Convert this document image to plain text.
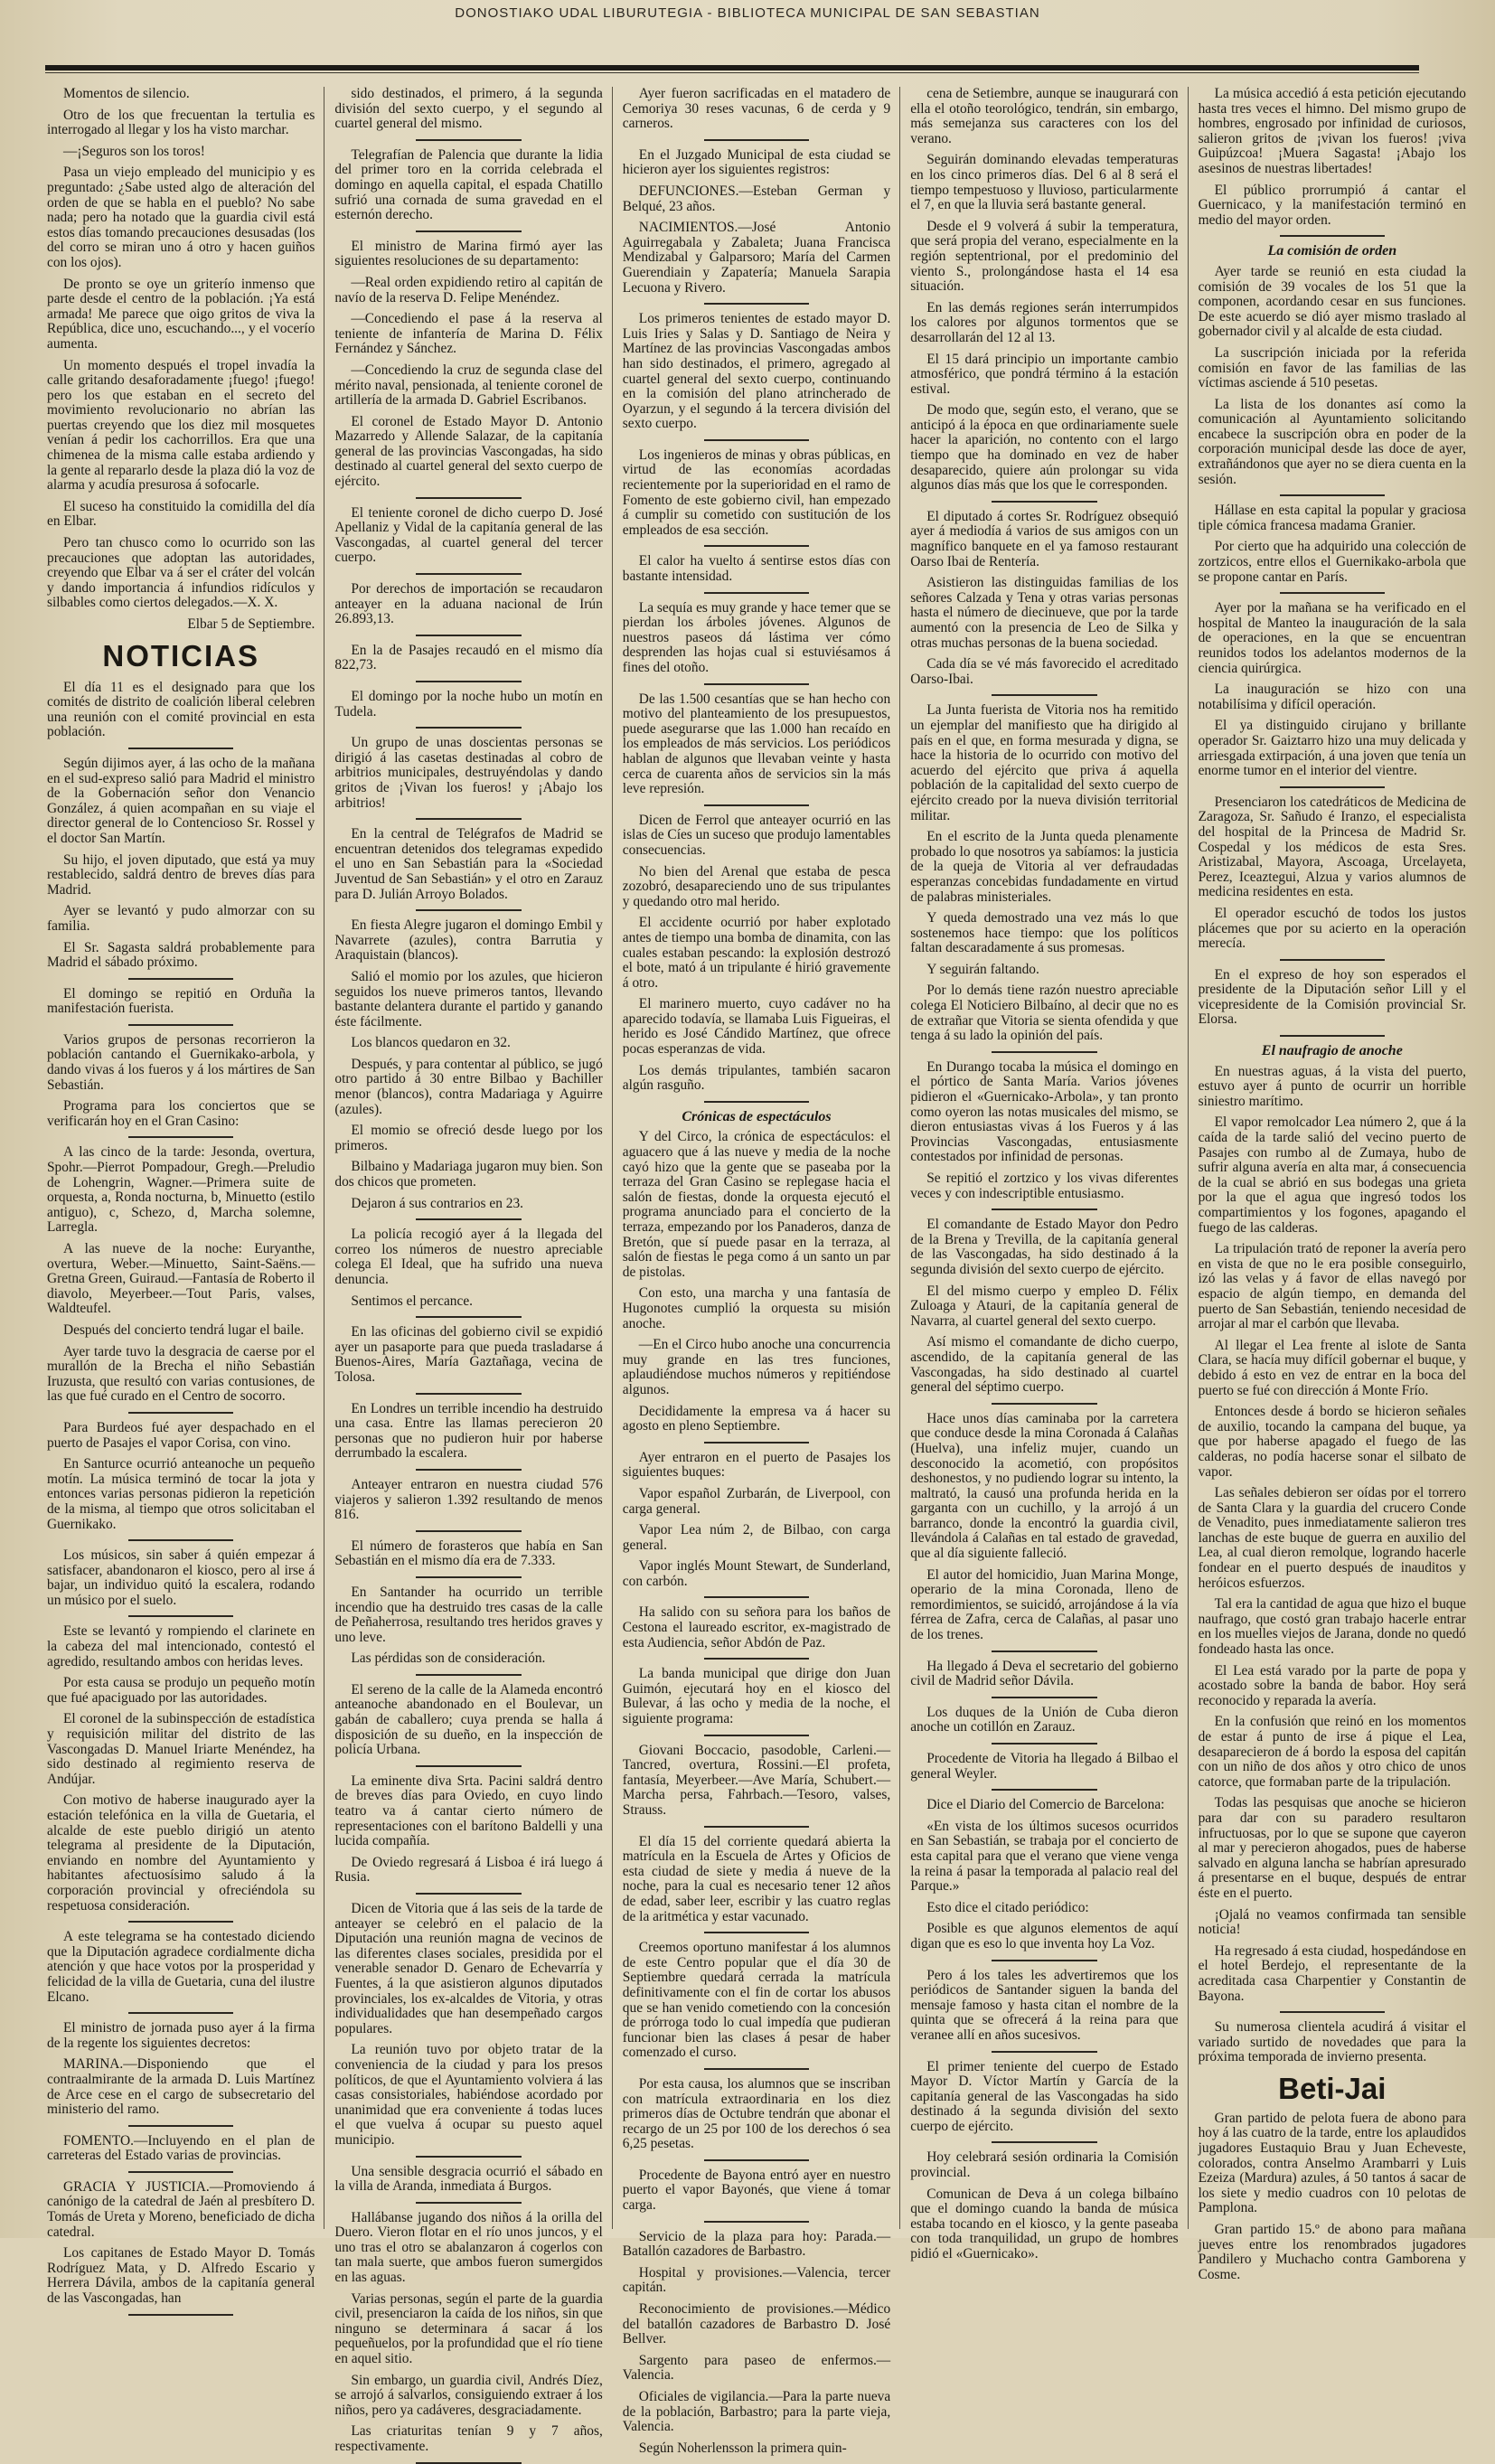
DONOSTIAKO UDAL LIBURUTEGIA - BIBLIOTECA MUNICIPAL DE SAN SEBASTIAN

Momentos de silencio.

Otro de los que frecuentan la tertulia es interrogado al llegar y los ha visto marchar.

—¡Seguros son los toros!

Pasa un viejo empleado del municipio y es preguntado: ¿Sabe usted algo de alteración del orden de que se habla en el pueblo? No sabe nada; pero ha notado que la guardia civil está estos días tomando precauciones desusadas (los del corro se miran uno á otro y hacen guiños con los ojos).

De pronto se oye un griterío inmenso que parte desde el centro de la población. ¡Ya está armada! Me parece que oigo gritos de viva la República, dice uno, escuchando..., y el vocerío aumenta.

Un momento después el tropel invadía la calle gritando desaforadamente ¡fuego! ¡fuego! pero los que estaban en el secreto del movimiento revolucionario no abrían las puertas creyendo que los diez mil mosquetes venían á pedir los cachorrillos. Era que una chimenea de la misma calle estaba ardiendo y la gente al repararlo desde la plaza dió la voz de alarma y acudía presurosa á sofocarle.

El suceso ha constituido la comidilla del día en Elbar.

Pero tan chusco como lo ocurrido son las precauciones que adoptan las autoridades, creyendo que Elbar va á ser el cráter del volcán y dando importancia á infundios ridículos y silbables como ciertos delegados.—X. X.

Elbar 5 de Septiembre.

NOTICIAS

El día 11 es el designado para que los comités de distrito de coalición liberal celebren una reunión con el comité provincial en esta población.

Según dijimos ayer, á las ocho de la mañana en el sud-expreso salió para Madrid el ministro de la Gobernación señor don Venancio González, á quien acompañan en su viaje el director general de lo Contencioso Sr. Rossel y el doctor San Martín.

Su hijo, el joven diputado, que está ya muy restablecido, saldrá dentro de breves días para Madrid.

Ayer se levantó y pudo almorzar con su familia.

El Sr. Sagasta saldrá probablemente para Madrid el sábado próximo.

El domingo se repitió en Orduña la manifestación fuerista.

Varios grupos de personas recorrieron la población cantando el Guernikako-arbola, y dando vivas á los fueros y á los mártires de San Sebastián.

Programa para los conciertos que se verificarán hoy en el Gran Casino:

A las cinco de la tarde: Jesonda, overtura, Spohr.—Pierrot Pompadour, Gregh.—Preludio de Lohengrin, Wagner.—Primera suite de orquesta, a, Ronda nocturna, b, Minuetto (estilo antiguo), c, Schezo, d, Marcha solemne, Larregla.

A las nueve de la noche: Euryanthe, overtura, Weber.—Minuetto, Saint-Saëns.—Gretna Green, Guiraud.—Fantasía de Roberto il diavolo, Meyerbeer.—Tout Paris, valses, Waldteufel.

Después del concierto tendrá lugar el baile.

Ayer tarde tuvo la desgracia de caerse por el murallón de la Brecha el niño Sebastián Iruzusta, que resultó con varias contusiones, de las que fué curado en el Centro de socorro.

Para Burdeos fué ayer despachado en el puerto de Pasajes el vapor Corisa, con vino.

En Santurce ocurrió anteanoche un pequeño motín. La música terminó de tocar la jota y entonces varias personas pidieron la repetición de la misma, al tiempo que otros solicitaban el Guernikako.

Los músicos, sin saber á quién empezar á satisfacer, abandonaron el kiosco, pero al irse á bajar, un individuo quitó la escalera, rodando un músico por el suelo.

Este se levantó y rompiendo el clarinete en la cabeza del mal intencionado, contestó el agredido, resultando ambos con heridas leves.

Por esta causa se produjo un pequeño motín que fué apaciguado por las autoridades.

El coronel de la subinspección de estadística y requisición militar del distrito de las Vascongadas D. Manuel Iriarte Menéndez, ha sido destinado al regimiento reserva de Andújar.

Con motivo de haberse inaugurado ayer la estación telefónica en la villa de Guetaria, el alcalde de este pueblo dirigió un atento telegrama al presidente de la Diputación, enviando en nombre del Ayuntamiento y habitantes afectuosísimo saludo á la corporación provincial y ofreciéndola su respetuosa consideración.

A este telegrama se ha contestado diciendo que la Diputación agradece cordialmente dicha atención y que hace votos por la prosperidad y felicidad de la villa de Guetaria, cuna del ilustre Elcano.

El ministro de jornada puso ayer á la firma de la regente los siguientes decretos:

MARINA.—Disponiendo que el contraalmirante de la armada D. Luis Martínez de Arce cese en el cargo de subsecretario del ministerio del ramo.

FOMENTO.—Incluyendo en el plan de carreteras del Estado varias de provincias.

GRACIA Y JUSTICIA.—Promoviendo á canónigo de la catedral de Jaén al presbítero D. Tomás de Ureta y Moreno, beneficiado de dicha catedral.

Los capitanes de Estado Mayor D. Tomás Rodríguez Mata, y D. Alfredo Escario y Herrera Dávila, ambos de la capitanía general de las Vascongadas, han

sido destinados, el primero, á la segunda división del sexto cuerpo, y el segundo al cuartel general del mismo.

Telegrafían de Palencia que durante la lidia del primer toro en la corrida celebrada el domingo en aquella capital, el espada Chatillo sufrió una cornada de suma gravedad en el esternón derecho.

El ministro de Marina firmó ayer las siguientes resoluciones de su departamento:

—Real orden expidiendo retiro al capitán de navío de la reserva D. Felipe Menéndez.

—Concediendo el pase á la reserva al teniente de infantería de Marina D. Félix Fernández y Sánchez.

—Concediendo la cruz de segunda clase del mérito naval, pensionada, al teniente coronel de artillería de la armada D. Gabriel Escribanos.

El coronel de Estado Mayor D. Antonio Mazarredo y Allende Salazar, de la capitanía general de las provincias Vascongadas, ha sido destinado al cuartel general del sexto cuerpo de ejército.

El teniente coronel de dicho cuerpo D. José Apellaniz y Vidal de la capitanía general de las Vascongadas, al cuartel general del tercer cuerpo.

Por derechos de importación se recaudaron anteayer en la aduana nacional de Irún 26.893,13.

En la de Pasajes recaudó en el mismo día 822,73.

El domingo por la noche hubo un motín en Tudela.

Un grupo de unas doscientas personas se dirigió á las casetas destinadas al cobro de arbitrios municipales, destruyéndolas y dando gritos de ¡Vivan los fueros! y ¡Abajo los arbitrios!

En la central de Telégrafos de Madrid se encuentran detenidos dos telegramas expedido el uno en San Sebastián para la «Sociedad Juventud de San Sebastián» y el otro en Zarauz para D. Julián Arroyo Bolados.

En fiesta Alegre jugaron el domingo Embil y Navarrete (azules), contra Barrutia y Araquistain (blancos).

Salió el momio por los azules, que hicieron seguidos los nueve primeros tantos, llevando bastante delantera durante el partido y ganando éste fácilmente.

Los blancos quedaron en 32.

Después, y para contentar al público, se jugó otro partido á 30 entre Bilbao y Bachiller menor (blancos), contra Madariaga y Aguirre (azules).

El momio se ofreció desde luego por los primeros.

Bilbaino y Madariaga jugaron muy bien. Son dos chicos que prometen.

Dejaron á sus contrarios en 23.

La policía recogió ayer á la llegada del correo los números de nuestro apreciable colega El Ideal, que ha sufrido una nueva denuncia.

Sentimos el percance.

En las oficinas del gobierno civil se expidió ayer un pasaporte para que pueda trasladarse á Buenos-Aires, María Gaztañaga, vecina de Tolosa.

En Londres un terrible incendio ha destruido una casa. Entre las llamas perecieron 20 personas que no pudieron huir por haberse derrumbado la escalera.

Anteayer entraron en nuestra ciudad 576 viajeros y salieron 1.392 resultando de menos 816.

El número de forasteros que había en San Sebastián en el mismo día era de 7.333.

En Santander ha ocurrido un terrible incendio que ha destruido tres casas de la calle de Peñaherrosa, resultando tres heridos graves y uno leve.

Las pérdidas son de consideración.

El sereno de la calle de la Alameda encontró anteanoche abandonado en el Boulevar, un gabán de caballero; cuya prenda se halla á disposición de su dueño, en la inspección de policía Urbana.

La eminente diva Srta. Pacini saldrá dentro de breves días para Oviedo, en cuyo lindo teatro va á cantar cierto número de representaciones con el barítono Baldelli y una lucida compañía.

De Oviedo regresará á Lisboa é irá luego á Rusia.

Dicen de Vitoria que á las seis de la tarde de anteayer se celebró en el palacio de la Diputación una reunión magna de vecinos de las diferentes clases sociales, presidida por el venerable senador D. Genaro de Echevarría y Fuentes, á la que asistieron algunos diputados provinciales, los ex-alcaldes de Vitoria, y otras individualidades que han desempeñado cargos populares.

La reunión tuvo por objeto tratar de la conveniencia de la ciudad y para los presos políticos, de que el Ayuntamiento volviera á las casas consistoriales, habiéndose acordado por unanimidad que era conveniente á todas luces el que vuelva á ocupar su puesto aquel municipio.

Una sensible desgracia ocurrió el sábado en la villa de Aranda, inmediata á Burgos.

Hallábanse jugando dos niños á la orilla del Duero. Vieron flotar en el río unos juncos, y el uno tras el otro se abalanzaron á cogerlos con tan mala suerte, que ambos fueron sumergidos en las aguas.

Varias personas, según el parte de la guardia civil, presenciaron la caída de los niños, sin que ninguno se determinara á sacar á los pequeñuelos, por la profundidad que el río tiene en aquel sitio.

Sin embargo, un guardia civil, Andrés Díez, se arrojó á salvarlos, consiguiendo extraer á los niños, pero ya cadáveres, desgraciadamente.

Las criaturitas tenían 9 y 7 años, respectivamente.

Ayer fueron sacrificadas en el matadero de Cemoriya 30 reses vacunas, 6 de cerda y 9 carneros.

En el Juzgado Municipal de esta ciudad se hicieron ayer los siguientes registros:

DEFUNCIONES.—Esteban German y Belqué, 23 años.

NACIMIENTOS.—José Antonio Aguirregabala y Zabaleta; Juana Francisca Mendizabal y Galparsoro; María del Carmen Guerendiain y Zapatería; Manuela Sarapia Lecuona y Rivero.

Los primeros tenientes de estado mayor D. Luis Iries y Salas y D. Santiago de Neira y Martínez de las provincias Vascongadas ambos han sido destinados, el primero, agregado al cuartel general del sexto cuerpo, continuando en la comisión del plano atrincherado de Oyarzun, y el segundo á la tercera división del sexto cuerpo.

Los ingenieros de minas y obras públicas, en virtud de las economías acordadas recientemente por la superioridad en el ramo de Fomento de este gobierno civil, han empezado á cumplir su cometido con sustitución de los empleados de esa sección.

El calor ha vuelto á sentirse estos días con bastante intensidad.

La sequía es muy grande y hace temer que se pierdan los árboles jóvenes. Algunos de nuestros paseos dá lástima ver cómo desprenden las hojas cual si estuviésamos á fines del otoño.

De las 1.500 cesantías que se han hecho con motivo del planteamiento de los presupuestos, puede asegurarse que las 1.000 han recaído en los empleados de más servicios. Los periódicos hablan de algunos que llevaban veinte y hasta cerca de cuarenta años de servicios sin la más leve represión.

Dicen de Ferrol que anteayer ocurrió en las islas de Cíes un suceso que produjo lamentables consecuencias.

No bien del Arenal que estaba de pesca zozobró, desapareciendo uno de sus tripulantes y quedando otro mal herido.

El accidente ocurrió por haber explotado antes de tiempo una bomba de dinamita, con las cuales estaban pescando: la explosión destrozó el bote, mató á un tripulante é hirió gravemente á otro.

El marinero muerto, cuyo cadáver no ha aparecido todavía, se llamaba Luis Figueiras, el herido es José Cándido Martínez, que ofrece pocas esperanzas de vida.

Los demás tripulantes, también sacaron algún rasguño.

Crónicas de espectáculos

Y del Circo, la crónica de espectáculos: el aguacero que á las nueve y media de la noche cayó hizo que la gente que se paseaba por la terraza del Gran Casino se replegase hacia el salón de fiestas, donde la orquesta ejecutó el programa anunciado para el concierto de la terraza, empezando por los Panaderos, danza de Bretón, que sí puede pasar en la terraza, al salón de fiestas le pega como á un santo un par de pistolas.

Con esto, una marcha y una fantasía de Hugonotes cumplió la orquesta su misión anoche.

—En el Circo hubo anoche una concurrencia muy grande en las tres funciones, aplaudiéndose muchos números y repitiéndose algunos.

Decididamente la empresa va á hacer su agosto en pleno Septiembre.

Ayer entraron en el puerto de Pasajes los siguientes buques:

Vapor español Zurbarán, de Liverpool, con carga general.

Vapor Lea núm 2, de Bilbao, con carga general.

Vapor inglés Mount Stewart, de Sunderland, con carbón.

Ha salido con su señora para los baños de Cestona el laureado escritor, ex-magistrado de esta Audiencia, señor Abdón de Paz.

La banda municipal que dirige don Juan Guimón, ejecutará hoy en el kiosco del Bulevar, á las ocho y media de la noche, el siguiente programa:

Giovani Boccacio, pasodoble, Carleni.—Tancred, overtura, Rossini.—El profeta, fantasía, Meyerbeer.—Ave María, Schubert.—Marcha persa, Fahrbach.—Tesoro, valses, Strauss.

El día 15 del corriente quedará abierta la matrícula en la Escuela de Artes y Oficios de esta ciudad de siete y media á nueve de la noche, para la cual es necesario tener 12 años de edad, saber leer, escribir y las cuatro reglas de la aritmética y estar vacunado.

Creemos oportuno manifestar á los alumnos de este Centro popular que el día 30 de Septiembre quedará cerrada la matrícula definitivamente con el fin de cortar los abusos que se han venido cometiendo con la concesión de prórroga todo lo cual impedía que pudieran funcionar bien las clases á pesar de haber comenzado el curso.

Por esta causa, los alumnos que se inscriban con matrícula extraordinaria en los diez primeros días de Octubre tendrán que abonar el recargo de un 25 por 100 de los derechos ó sea 6,25 pesetas.

Procedente de Bayona entró ayer en nuestro puerto el vapor Bayonés, que viene á tomar carga.

Servicio de la plaza para hoy: Parada.—Batallón cazadores de Barbastro.

Hospital y provisiones.—Valencia, tercer capitán.

Reconocimiento de provisiones.—Médico del batallón cazadores de Barbastro D. José Bellver.

Sargento para paseo de enfermos.—Valencia.

Oficiales de vigilancia.—Para la parte nueva de la población, Barbastro; para la parte vieja, Valencia.

Según Noherlensson la primera quin-

cena de Setiembre, aunque se inaugurará con ella el otoño teorológico, tendrán, sin embargo, más semejanza sus caracteres con los del verano.

Seguirán dominando elevadas temperaturas en los cinco primeros días. Del 6 al 8 será el tiempo tempestuoso y lluvioso, particularmente el 7, en que la lluvia será bastante general.

Desde el 9 volverá á subir la temperatura, que será propia del verano, especialmente en la región septentrional, por el predominio del viento S., prolongándose hasta el 14 esa situación.

En las demás regiones serán interrumpidos los calores por algunos tormentos que se desarrollarán del 12 al 13.

El 15 dará principio un importante cambio atmosférico, que pondrá término á la estación estival.

De modo que, según esto, el verano, que se anticipó á la época en que ordinariamente suele hacer la aparición, no contento con el largo tiempo que ha dominado en vez de haber desaparecido, quiere aún prolongar su vida algunos días más que los que le corresponden.

El diputado á cortes Sr. Rodríguez obsequió ayer á mediodía á varios de sus amigos con un magnífico banquete en el ya famoso restaurant Oarso Ibai de Rentería.

Asistieron las distinguidas familias de los señores Calzada y Tena y otras varias personas hasta el número de diecinueve, que por la tarde aumentó con la presencia de Leo de Silka y otras muchas personas de la buena sociedad.

Cada día se vé más favorecido el acreditado Oarso-Ibai.

La Junta fuerista de Vitoria nos ha remitido un ejemplar del manifiesto que ha dirigido al país en el que, en forma mesurada y digna, se hace la historia de lo ocurrido con motivo del acuerdo del ejército que priva á aquella población de la capitalidad del sexto cuerpo de ejército creado por la nueva división territorial militar.

En el escrito de la Junta queda plenamente probado lo que nosotros ya sabíamos: la justicia de la queja de Vitoria al ver defraudadas esperanzas concebidas fundadamente en virtud de palabras ministeriales.

Y queda demostrado una vez más lo que sostenemos hace tiempo: que los políticos faltan descaradamente á sus promesas.

Y seguirán faltando.

Por lo demás tiene razón nuestro apreciable colega El Noticiero Bilbaíno, al decir que no es de extrañar que Vitoria se sienta ofendida y que tenga á su lado la opinión del país.

En Durango tocaba la música el domingo en el pórtico de Santa María. Varios jóvenes pidieron el «Guernicako-Arbola», y tan pronto como oyeron las notas musicales del mismo, se dieron entusiastas vivas á los Fueros y á las Provincias Vascongadas, entusiasmente contestados por infinidad de personas.

Se repitió el zortzico y los vivas diferentes veces y con indescriptible entusiasmo.

El comandante de Estado Mayor don Pedro de la Brena y Trevilla, de la capitanía general de las Vascongadas, ha sido destinado á la segunda división del sexto cuerpo de ejército.

El del mismo cuerpo y empleo D. Félix Zuloaga y Atauri, de la capitanía general de Navarra, al cuartel general del sexto cuerpo.

Así mismo el comandante de dicho cuerpo, ascendido, de la capitanía general de las Vascongadas, ha sido destinado al cuartel general del séptimo cuerpo.

Hace unos días caminaba por la carretera que conduce desde la mina Coronada á Calañas (Huelva), una infeliz mujer, cuando un desconocido la acometió, con propósitos deshonestos, y no pudiendo lograr su intento, la maltrató, la causó una profunda herida en la garganta con un cuchillo, y la arrojó á un barranco, donde la encontró la guardia civil, llevándola á Calañas en tal estado de gravedad, que al día siguiente falleció.

El autor del homicidio, Juan Marina Monge, operario de la mina Coronada, lleno de remordimientos, se suicidó, arrojándose á la vía férrea de Zafra, cerca de Calañas, al pasar uno de los trenes.

Ha llegado á Deva el secretario del gobierno civil de Madrid señor Dávila.

Los duques de la Unión de Cuba dieron anoche un cotillón en Zarauz.

Procedente de Vitoria ha llegado á Bilbao el general Weyler.

Dice el Diario del Comercio de Barcelona:

«En vista de los últimos sucesos ocurridos en San Sebastián, se trabaja por el concierto de esta capital para que el verano que viene venga la reina á pasar la temporada al palacio real del Parque.»

Esto dice el citado periódico:

Posible es que algunos elementos de aquí digan que es eso lo que inventa hoy La Voz.

Pero á los tales les advertiremos que los periódicos de Santander siguen la banda del mensaje famoso y hasta citan el nombre de la quinta que se ofrecerá á la reina para que veranee allí en años sucesivos.

El primer teniente del cuerpo de Estado Mayor D. Víctor Martín y García de la capitanía general de las Vascongadas ha sido destinado á la segunda división del sexto cuerpo de ejército.

Hoy celebrará sesión ordinaria la Comisión provincial.

Comunican de Deva á un colega bilbaíno que el domingo cuando la banda de música estaba tocando en el kiosco, y la gente paseaba con toda tranquilidad, un grupo de hombres pidió el «Guernicako».

La música accedió á esta petición ejecutando hasta tres veces el himno. Del mismo grupo de hombres, engrosado por infinidad de curiosos, salieron gritos de ¡vivan los fueros! ¡viva Guipúzcoa! ¡Muera Sagasta! ¡Abajo los asesinos de nuestras libertades!

El público prorrumpió á cantar el Guernicaco, y la manifestación terminó en medio del mayor orden.

La comisión de orden

Ayer tarde se reunió en esta ciudad la comisión de 39 vocales de los 51 que la componen, acordando cesar en sus funciones. De este acuerdo se dió ayer mismo traslado al gobernador civil y al alcalde de esta ciudad.

La suscripción iniciada por la referida comisión en favor de las familias de las víctimas asciende á 510 pesetas.

La lista de los donantes así como la comunicación al Ayuntamiento solicitando encabece la suscripción obra en poder de la corporación municipal desde las doce de ayer, extrañándonos que ayer no se diera cuenta en la sesión.

Hállase en esta capital la popular y graciosa tiple cómica francesa madama Granier.

Por cierto que ha adquirido una colección de zortzicos, entre ellos el Guernikako-arbola que se propone cantar en París.

Ayer por la mañana se ha verificado en el hospital de Manteo la inauguración de la sala de operaciones, en la que se encuentran reunidos todos los adelantos modernos de la ciencia quirúrgica.

La inauguración se hizo con una notabilísima y difícil operación.

El ya distinguido cirujano y brillante operador Sr. Gaiztarro hizo una muy delicada y arriesgada extirpación, á una joven que tenía un enorme tumor en el interior del vientre.

Presenciaron los catedráticos de Medicina de Zaragoza, Sr. Sañudo é Iranzo, el especialista del hospital de la Princesa de Madrid Sr. Cospedal y los médicos de esta Sres. Aristizabal, Mayora, Ascoaga, Urcelayeta, Perez, Iceaztegui, Alzua y varios alumnos de medicina residentes en esta.

El operador escuchó de todos los justos plácemes que por su acierto en la operación merecía.

En el expreso de hoy son esperados el presidente de la Diputación señor Lill y el vicepresidente de la Comisión provincial Sr. Elorsa.

El naufragio de anoche

En nuestras aguas, á la vista del puerto, estuvo ayer á punto de ocurrir un horrible siniestro marítimo.

El vapor remolcador Lea número 2, que á la caída de la tarde salió del vecino puerto de Pasajes con rumbo al de Zumaya, hubo de sufrir alguna avería en alta mar, á consecuencia de la cual se abrió en sus bodegas una grieta por la que el agua que ingresó todos los compartimientos y los fogones, apagando el fuego de las calderas.

La tripulación trató de reponer la avería pero en vista de que no le era posible conseguirlo, izó las velas y á favor de ellas navegó por espacio de algún tiempo, en demanda del puerto de San Sebastián, teniendo necesidad de arrojar al mar el carbón que llevaba.

Al llegar el Lea frente al islote de Santa Clara, se hacía muy difícil gobernar el buque, y debido á esto en vez de entrar en la boca del puerto se fué con dirección á Monte Frío.

Entonces desde á bordo se hicieron señales de auxilio, tocando la campana del buque, ya que por haberse apagado el fuego de las calderas, no podía hacerse sonar el silbato de vapor.

Las señales debieron ser oídas por el torrero de Santa Clara y la guardia del crucero Conde de Venadito, pues inmediatamente salieron tres lanchas de este buque de guerra en auxilio del Lea, al cual dieron remolque, logrando hacerle fondear en el puerto después de inauditos y heróicos esfuerzos.

Tal era la cantidad de agua que hizo el buque naufrago, que costó gran trabajo hacerle entrar en los muelles viejos de Jarana, donde no quedó fondeado hasta las once.

El Lea está varado por la parte de popa y acostado sobre la banda de babor. Hoy será reconocido y reparada la avería.

En la confusión que reinó en los momentos de estar á punto de irse á pique el Lea, desaparecieron de á bordo la esposa del capitán con un niño de dos años y otro chico de unos catorce, que formaban parte de la tripulación.

Todas las pesquisas que anoche se hicieron para dar con su paradero resultaron infructuosas, por lo que se supone que cayeron al mar y perecieron ahogados, pues de haberse salvado en alguna lancha se habrían apresurado á presentarse en el buque, después de entrar éste en el puerto.

¡Ojalá no veamos confirmada tan sensible noticia!

Ha regresado á esta ciudad, hospedándose en el hotel Berdejo, el representante de la acreditada casa Charpentier y Constantin de Bayona.

Su numerosa clientela acudirá á visitar el variado surtido de novedades que para la próxima temporada de invierno presenta.

Beti-Jai

Gran partido de pelota fuera de abono para hoy á las cuatro de la tarde, entre los aplaudidos jugadores Eustaquio Brau y Juan Echeveste, colorados, contra Anselmo Arambarri y Luis Ezeiza (Mardura) azules, á 50 tantos á sacar de los siete y medio cuadros con 10 pelotas de Pamplona.

Gran partido 15.º de abono para mañana jueves entre los renombrados jugadores Pandilero y Muchacho contra Gamborena y Cosme.
